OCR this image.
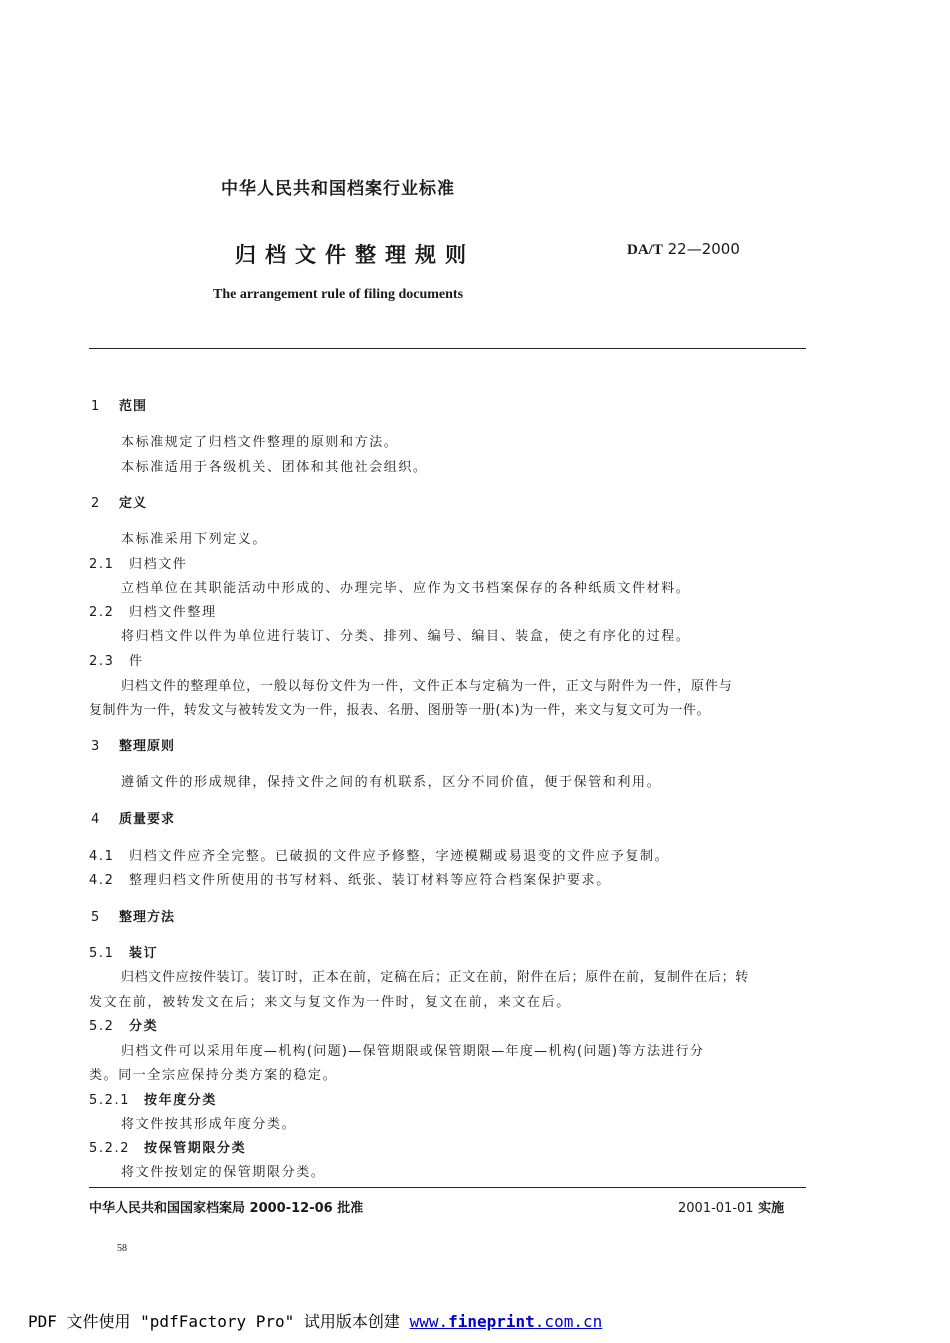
中华人民共和国档案行业标准
归档文件整理规则	DA/T 22—2000
The arrangement rule of filing documents
1 范围
本标准规定了归档文件整理的原则和方法。
本标准适用于各级机关、团体和其他社会组织。
2 定义
本标准采用下列定义。
2.1 归档文件
立档单位在其职能活动中形成的、办理完毕、应作为文书档案保存的各种纸质文件材料。
2.2 归档文件整理
将归档文件以件为单位进行装订、分类、排列、编号、编目、装盒，使之有序化的过程。
2.3 件
归档文件的整理单位，一般以每份文件为一件，文件正本与定稿为一件，正文与附件为一件，原件与
复制件为一件，转发文与被转发文为一件，报表、名册、图册等一册(本)为一件，来文与复文可为一件。
3 整理原则
遵循文件的形成规律，保持文件之间的有机联系，区分不同价值，便于保管和利用。
4 质量要求
4.1 归档文件应齐全完整。已破损的文件应予修整，字迹模糊或易退变的文件应予复制。
4.2 整理归档文件所使用的书写材料、纸张、装订材料等应符合档案保护要求。
5 整理方法
5.1 装订
归档文件应按件装订。装订时，正本在前，定稿在后；正文在前，附件在后；原件在前，复制件在后；转
发文在前，被转发文在后；来文与复文作为一件时，复文在前，来文在后。
5.2 分类
归档文件可以采用年度—机构(问题)—保管期限或保管期限—年度—机构(问题)等方法进行分
类。同一全宗应保持分类方案的稳定。
5.2.1 按年度分类
将文件按其形成年度分类。
5.2.2 按保管期限分类
将文件按划定的保管期限分类。
中华人民共和国国家档案局 2000-12-06 批准	2001-01-01 实施
58
PDF 文件使用 "pdfFactory Pro" 试用版本创建 www.fineprint.com.cn
